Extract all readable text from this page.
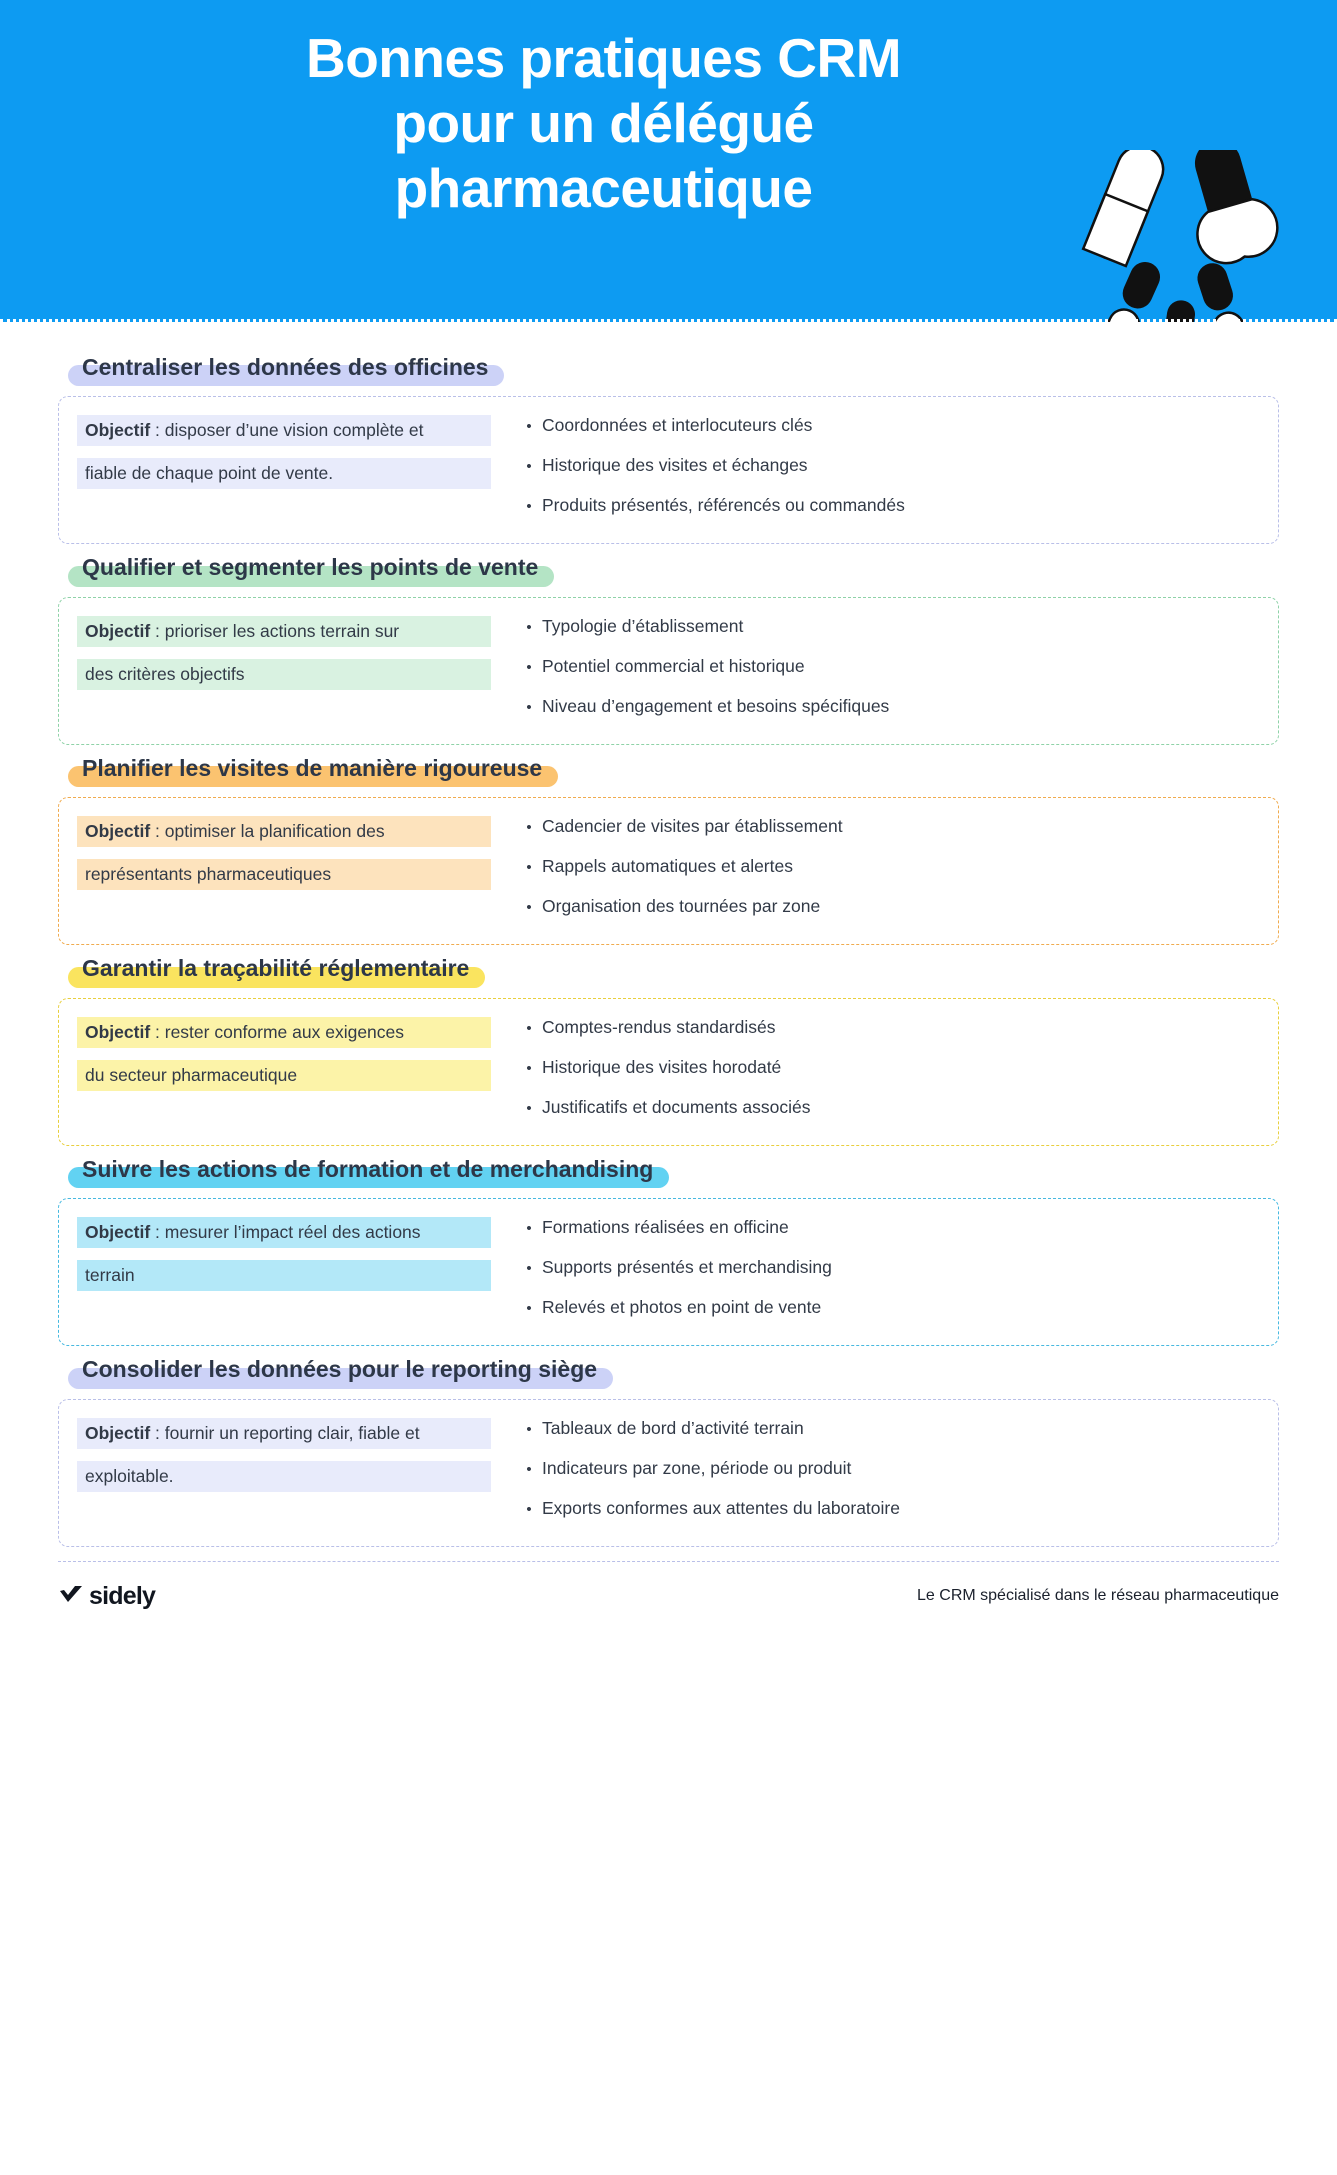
Bonnes pratiques CRM
pour un délégué
pharmaceutique
Centraliser les données des officines
Objectif : disposer d’une vision complète et
fiable de chaque point de vente.
• Coordonnées et interlocuteurs clés
• Historique des visites et échanges
• Produits présentés, référencés ou commandés
Qualifier et segmenter les points de vente
Objectif : prioriser les actions terrain sur
des critères objectifs
• Typologie d’établissement
• Potentiel commercial et historique
• Niveau d’engagement et besoins spécifiques
Planifier les visites de manière rigoureuse
Objectif : optimiser la planification des
représentants pharmaceutiques
• Cadencier de visites par établissement
• Rappels automatiques et alertes
• Organisation des tournées par zone
Garantir la traçabilité réglementaire
Objectif : rester conforme aux exigences
du secteur pharmaceutique
• Comptes-rendus standardisés
• Historique des visites horodaté
• Justificatifs et documents associés
Suivre les actions de formation et de merchandising
Objectif : mesurer l’impact réel des actions
terrain
• Formations réalisées en officine
• Supports présentés et merchandising
• Relevés et photos en point de vente
Consolider les données pour le reporting siège
Objectif : fournir un reporting clair, fiable et
exploitable.
• Tableaux de bord d’activité terrain
• Indicateurs par zone, période ou produit
• Exports conformes aux attentes du laboratoire
sidely	Le CRM spécialisé dans le réseau pharmaceutique
